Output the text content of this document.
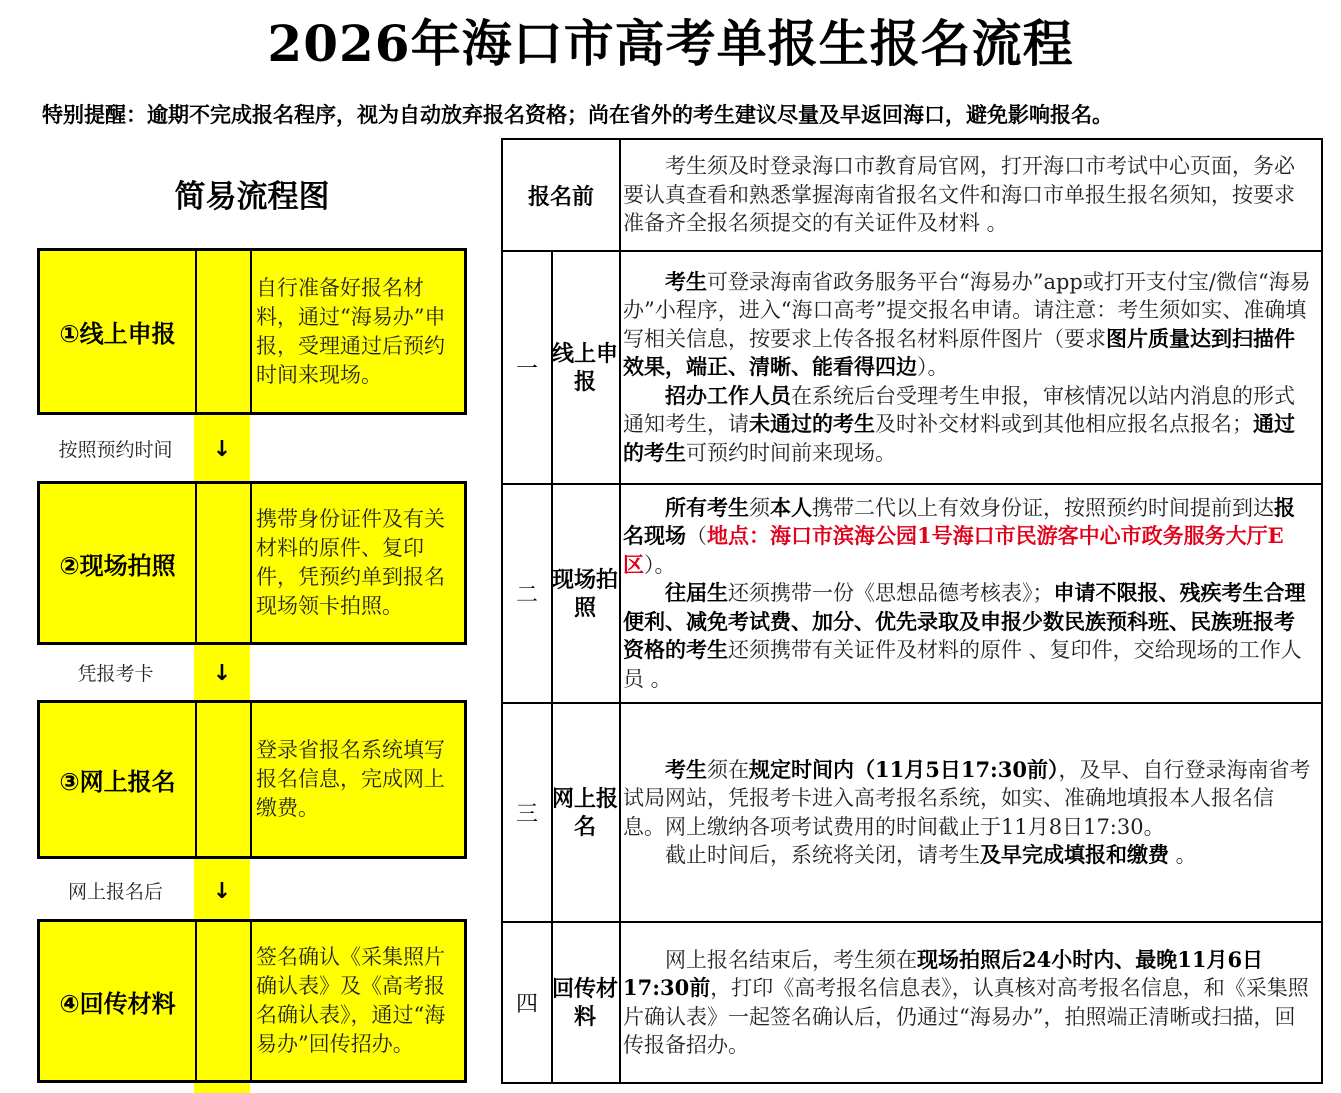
2026年海口市高考单报生报名流程
特别提醒：逾期不完成报名程序，视为自动放弃报名资格；尚在省外的考生建议尽量及早返回海口，避免影响报名。
简易流程图
①线上申报
自行准备好报名材料，通过“海易办”申报，受理通过后预约时间来现场。
按照预约时间	↓
②现场拍照
携带身份证件及有关材料的原件、复印件，凭预约单到报名现场领卡拍照。
凭报考卡	↓
③网上报名
登录省报名系统填写报名信息，完成网上缴费。
网上报名后	↓
④回传材料
签名确认《采集照片确认表》及《高考报名确认表》，通过“海易办”回传招办。
报名前

考生须及时登录海口市教育局官网，打开海口市考试中心页面，务必要认真查看和熟悉掌握海南省报名文件和海口市单报生报名须知，按要求准备齐全报名须提交的有关证件及材料 。

一
线上申报

考生可登录海南省政务服务平台“海易办”app或打开支付宝/微信“海易办”小程序，进入“海口高考”提交报名申请。请注意：考生须如实、准确填写相关信息，按要求上传各报名材料原件图片（要求图片质量达到扫描件效果，端正、清晰、能看得四边）。

招办工作人员在系统后台受理考生申报，审核情况以站内消息的形式通知考生，请未通过的考生及时补交材料或到其他相应报名点报名；通过的考生可预约时间前来现场。

二
现场拍照

所有考生须本人携带二代以上有效身份证，按照预约时间提前到达报名现场（地点：海口市滨海公园1号海口市民游客中心市政务服务大厅E区）。

往届生还须携带一份《思想品德考核表》；申请不限报、残疾考生合理便利、减免考试费、加分、优先录取及申报少数民族预科班、民族班报考资格的考生还须携带有关证件及材料的原件 、复印件，交给现场的工作人员 。

三
网上报名

考生须在规定时间内（11月5日17:30前），及早、自行登录海南省考试局网站，凭报考卡进入高考报名系统，如实、准确地填报本人报名信息。网上缴纳各项考试费用的时间截止于11月8日17:30。

截止时间后，系统将关闭，请考生及早完成填报和缴费 。

四
回传材料

网上报名结束后，考生须在现场拍照后24小时内、最晚11月6日17:30前，打印《高考报名信息表》，认真核对高考报名信息，和《采集照片确认表》一起签名确认后，仍通过“海易办”，拍照端正清晰或扫描，回传报备招办。
